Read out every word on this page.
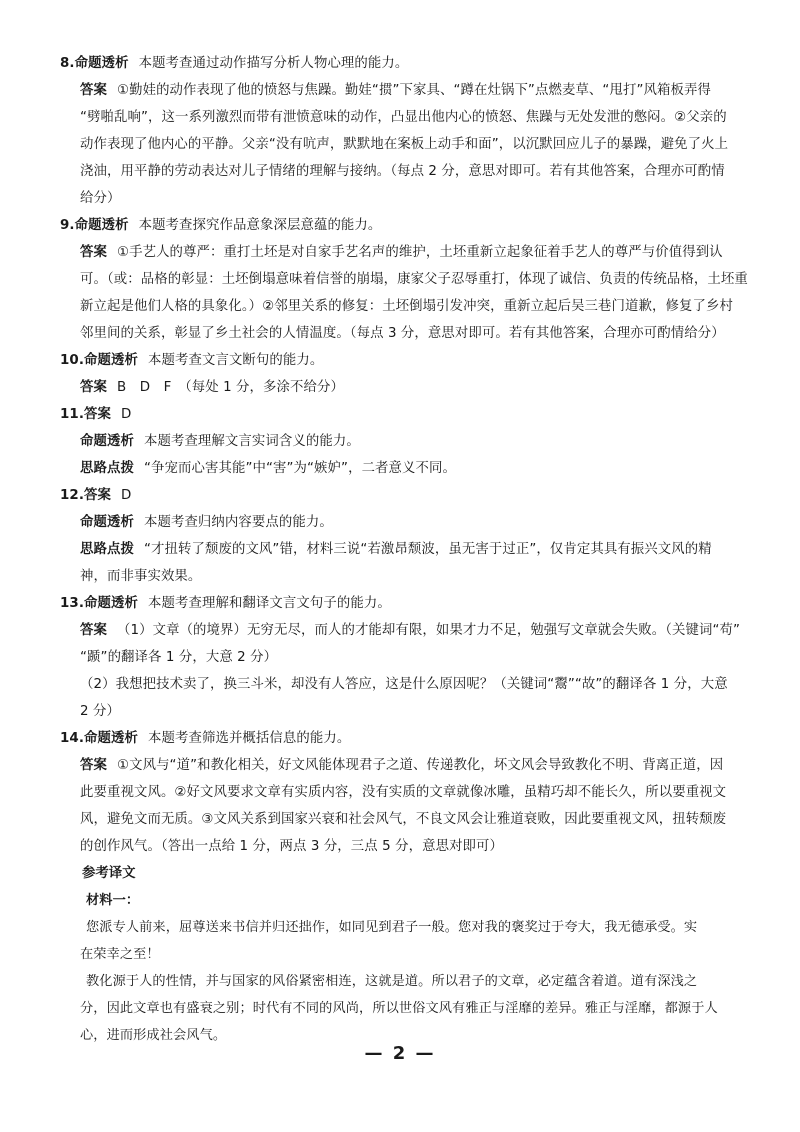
8.命题透析 本题考查通过动作描写分析人物心理的能力。

答案 ①勤娃的动作表现了他的愤怒与焦躁。勤娃“掼”下家具、“蹲在灶锅下”点燃麦草、“甩打”风箱板弄得

“劈啪乱响”，这一系列激烈而带有泄愤意味的动作，凸显出他内心的愤怒、焦躁与无处发泄的憋闷。②父亲的

动作表现了他内心的平静。父亲“没有吭声，默默地在案板上动手和面”，以沉默回应儿子的暴躁，避免了火上

浇油，用平静的劳动表达对儿子情绪的理解与接纳。（每点 2 分，意思对即可。若有其他答案，合理亦可酌情

给分）

9.命题透析 本题考查探究作品意象深层意蕴的能力。

答案 ①手艺人的尊严：重打土坯是对自家手艺名声的维护，土坯重新立起象征着手艺人的尊严与价值得到认

可。（或：品格的彰显：土坯倒塌意味着信誉的崩塌，康家父子忍辱重打，体现了诚信、负责的传统品格，土坯重

新立起是他们人格的具象化。）②邻里关系的修复：土坯倒塌引发冲突，重新立起后吴三巷门道歉，修复了乡村

邻里间的关系，彰显了乡土社会的人情温度。（每点 3 分，意思对即可。若有其他答案，合理亦可酌情给分）

10.命题透析 本题考查文言文断句的能力。

答案 B　D　F　（每处 1 分，多涂不给分）

11.答案 D

命题透析 本题考查理解文言实词含义的能力。

思路点拨 “争宠而心害其能”中“害”为“嫉妒”，二者意义不同。

12.答案 D

命题透析 本题考查归纳内容要点的能力。

思路点拨 “才扭转了颓废的文风”错，材料三说“若激昂颓波，虽无害于过正”，仅肯定其具有振兴文风的精

神，而非事实效果。

13.命题透析 本题考查理解和翻译文言文句子的能力。

答案 （1）文章（的境界）无穷无尽，而人的才能却有限，如果才力不足，勉强写文章就会失败。（关键词“苟”

“踬”的翻译各 1 分，大意 2 分）

（2）我想把技术卖了，换三斗米，却没有人答应，这是什么原因呢？（关键词“鬻”“故”的翻译各 1 分，大意

2 分）

14.命题透析 本题考查筛选并概括信息的能力。

答案 ①文风与“道”和教化相关，好文风能体现君子之道、传递教化，坏文风会导致教化不明、背离正道，因

此要重视文风。②好文风要求文章有实质内容，没有实质的文章就像冰雕，虽精巧却不能长久，所以要重视文

风，避免文而无质。③文风关系到国家兴衰和社会风气，不良文风会让雅道衰败，因此要重视文风，扭转颓废

的创作风气。（答出一点给 1 分，两点 3 分，三点 5 分，意思对即可）

参考译文

材料一：

您派专人前来，屈尊送来书信并归还拙作，如同见到君子一般。您对我的褒奖过于夸大，我无德承受。实

在荣幸之至！

教化源于人的性情，并与国家的风俗紧密相连，这就是道。所以君子的文章，必定蕴含着道。道有深浅之

分，因此文章也有盛衰之别；时代有不同的风尚，所以世俗文风有雅正与淫靡的差异。雅正与淫靡，都源于人

心，进而形成社会风气。

— 2 —
